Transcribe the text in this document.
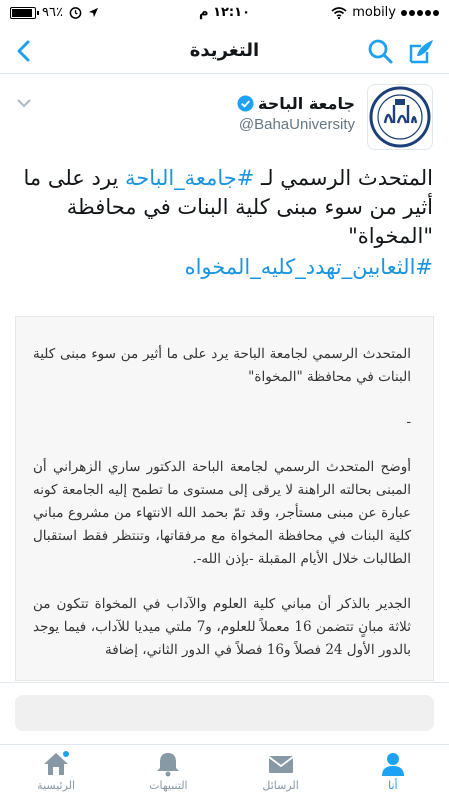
٩٦٪	١٢:١٠ م	mobily
التغريدة
جامعة الباحة
@BahaUniversity
المتحدث الرسمي لـ #جامعة_الباحة يرد على ما أثير من سوء مبنى كلية البنات في محافظة "المخواة"
#الثعابين_تهدد_كليه_المخواه

المتحدث الرسمي لجامعة الباحة يرد على ما أثير من سوء مبنى كلية البنات في محافظة "المخواة"

-

أوضح المتحدث الرسمي لجامعة الباحة الدكتور ساري الزهراني أن المبنى بحالته الراهنة لا يرقى إلى مستوى ما تطمح إليه الجامعة كونه عبارة عن مبنى مستأجر، وقد تمّ بحمد الله الانتهاء من مشروع مباني كلية البنات في محافظة المخواة مع مرفقاتها، وتنتظر فقط استقبال الطالبات خلال الأيام المقبلة -بإذن الله-.

الجدير بالذكر أن مباني كلية العلوم والآداب في المخواة تتكون من ثلاثة مبانٍ تتضمن 16 معملاً للعلوم، و7 ملتي ميديا للآداب، فيما يوجد بالدور الأول 24 فصلاً و16 فصلاً في الدور الثاني، إضافة

أنا
الرسائل
التنبيهات
الرئيسية
